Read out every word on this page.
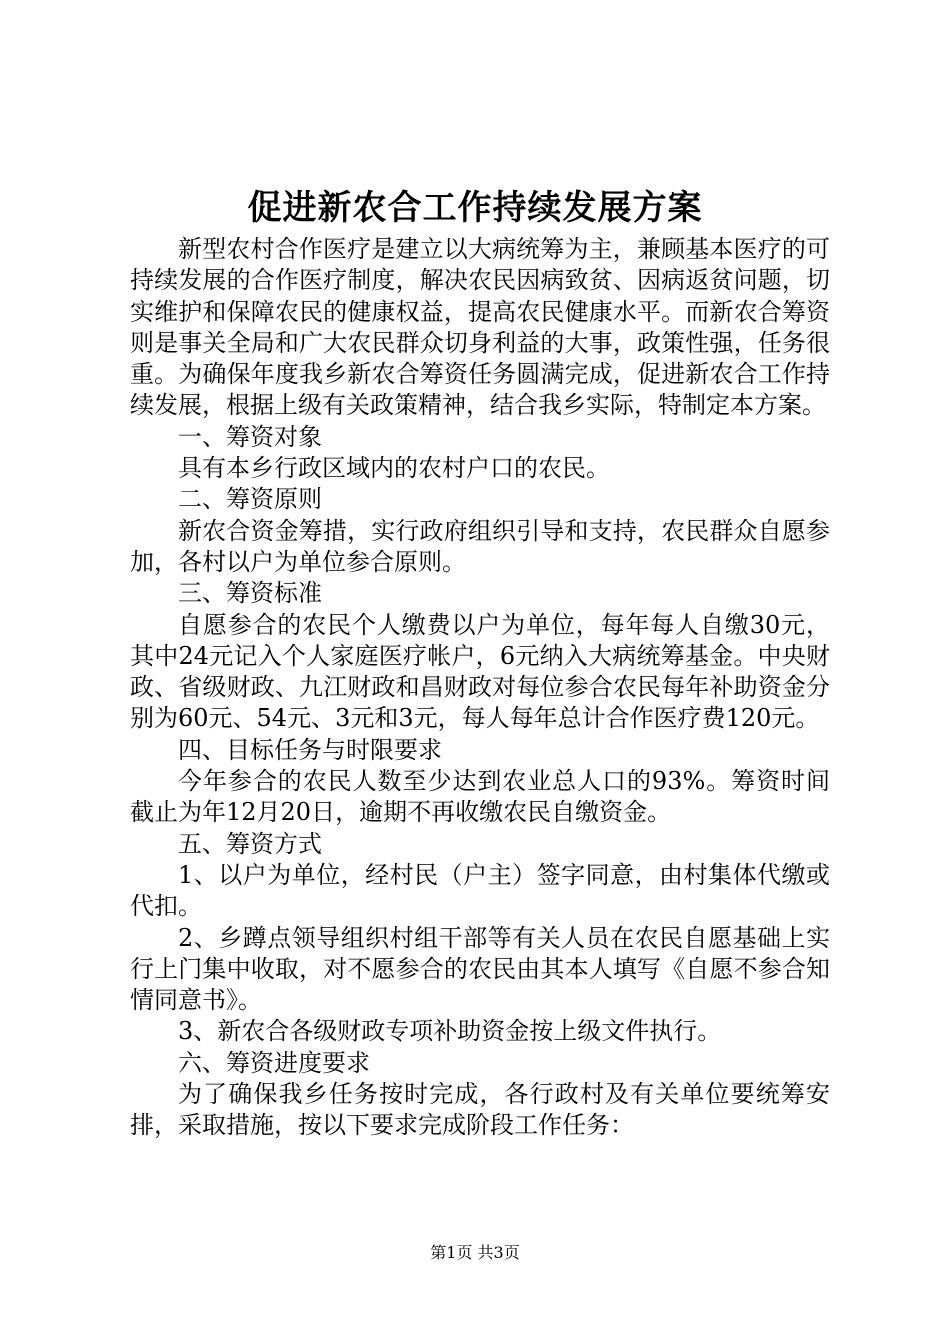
促进新农合工作持续发展方案

新型农村合作医疗是建立以大病统筹为主，兼顾基本医疗的可持续发展的合作医疗制度，解决农民因病致贫、因病返贫问题，切实维护和保障农民的健康权益，提高农民健康水平。而新农合筹资则是事关全局和广大农民群众切身利益的大事，政策性强，任务很重。为确保年度我乡新农合筹资任务圆满完成，促进新农合工作持续发展，根据上级有关政策精神，结合我乡实际，特制定本方案。

一、筹资对象

具有本乡行政区域内的农村户口的农民。

二、筹资原则

新农合资金筹措，实行政府组织引导和支持，农民群众自愿参加，各村以户为单位参合原则。

三、筹资标准

自愿参合的农民个人缴费以户为单位，每年每人自缴30元，其中24元记入个人家庭医疗帐户，6元纳入大病统筹基金。中央财政、省级财政、九江财政和昌财政对每位参合农民每年补助资金分别为60元、54元、3元和3元，每人每年总计合作医疗费120元。

四、目标任务与时限要求

今年参合的农民人数至少达到农业总人口的93%。筹资时间截止为年12月20日，逾期不再收缴农民自缴资金。

五、筹资方式

1、以户为单位，经村民（户主）签字同意，由村集体代缴或代扣。

2、乡蹲点领导组织村组干部等有关人员在农民自愿基础上实行上门集中收取，对不愿参合的农民由其本人填写《自愿不参合知情同意书》。

3、新农合各级财政专项补助资金按上级文件执行。

六、筹资进度要求

为了确保我乡任务按时完成，各行政村及有关单位要统筹安排，采取措施，按以下要求完成阶段工作任务：

第1页 共3页
